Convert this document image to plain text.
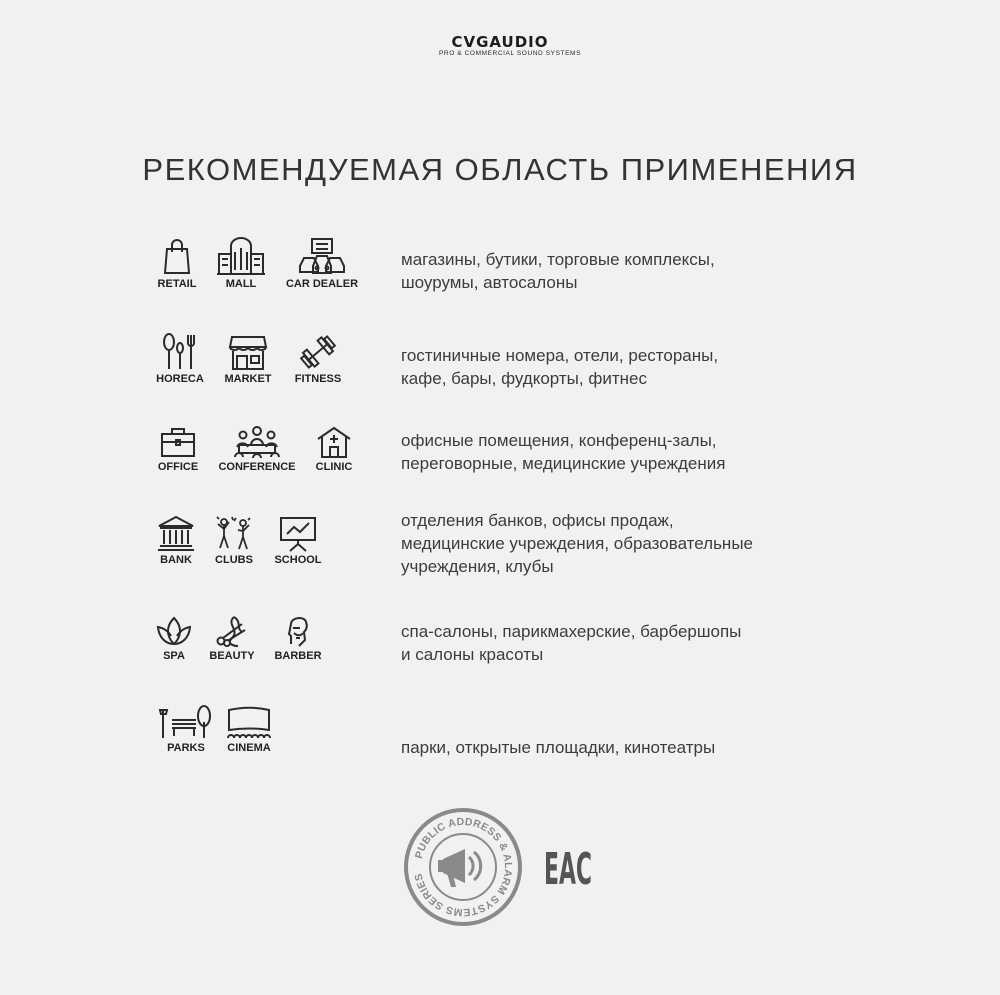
CVGAUDIO
PRO & COMMERCIAL SOUND SYSTEMS
РЕКОМЕНДУЕМАЯ ОБЛАСТЬ ПРИМЕНЕНИЯ
RETAIL	MALL	CAR DEALER
магазины, бутики, торговые комплексы,
шоурумы, автосалоны
HORECA	MARKET	FITNESS
гостиничные номера, отели, рестораны,
кафе, бары, фудкорты, фитнес
OFFICE	CONFERENCE	CLINIC
офисные помещения, конференц-залы,
переговорные, медицинские учреждения
BANK	CLUBS	SCHOOL
отделения банков, офисы продаж,
медицинские учреждения, образовательные
учреждения, клубы
SPA	BEAUTY	BARBER
спа-салоны, парикмахерские, барбершопы
и салоны красоты
PARKS	CINEMA	парки, открытые площадки, кинотеатры
PUBLIC ADDRESS & ALARM SYSTEMS SERIES	EAC
